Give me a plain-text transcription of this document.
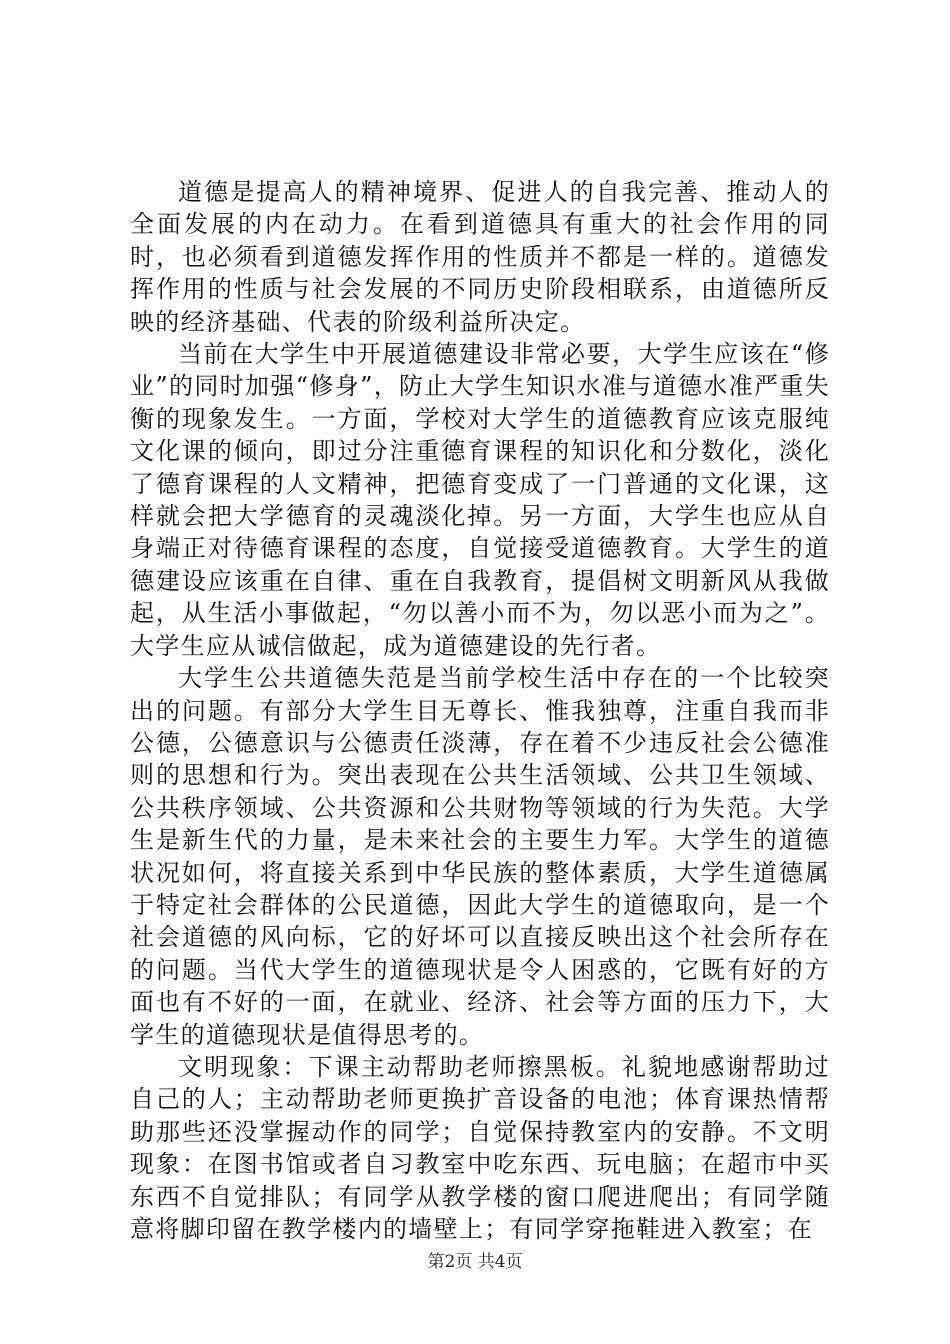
道德是提高人的精神境界、促进人的自我完善、推动人的全面发展的内在动力。在看到道德具有重大的社会作用的同时，也必须看到道德发挥作用的性质并不都是一样的。道德发挥作用的性质与社会发展的不同历史阶段相联系，由道德所反映的经济基础、代表的阶级利益所决定。

当前在大学生中开展道德建设非常必要，大学生应该在“修业”的同时加强“修身”，防止大学生知识水准与道德水准严重失衡的现象发生。一方面，学校对大学生的道德教育应该克服纯文化课的倾向，即过分注重德育课程的知识化和分数化，淡化了德育课程的人文精神，把德育变成了一门普通的文化课，这样就会把大学德育的灵魂淡化掉。另一方面，大学生也应从自身端正对待德育课程的态度，自觉接受道德教育。大学生的道德建设应该重在自律、重在自我教育，提倡树文明新风从我做起，从生活小事做起，“勿以善小而不为，勿以恶小而为之”。大学生应从诚信做起，成为道德建设的先行者。

大学生公共道德失范是当前学校生活中存在的一个比较突出的问题。有部分大学生目无尊长、惟我独尊，注重自我而非公德，公德意识与公德责任淡薄，存在着不少违反社会公德准则的思想和行为。突出表现在公共生活领域、公共卫生领域、公共秩序领域、公共资源和公共财物等领域的行为失范。大学生是新生代的力量，是未来社会的主要生力军。大学生的道德状况如何，将直接关系到中华民族的整体素质，大学生道德属于特定社会群体的公民道德，因此大学生的道德取向，是一个社会道德的风向标，它的好坏可以直接反映出这个社会所存在的问题。当代大学生的道德现状是令人困惑的，它既有好的方面也有不好的一面，在就业、经济、社会等方面的压力下，大学生的道德现状是值得思考的。

文明现象：下课主动帮助老师擦黑板。礼貌地感谢帮助过自己的人；主动帮助老师更换扩音设备的电池；体育课热情帮助那些还没掌握动作的同学；自觉保持教室内的安静。不文明现象：在图书馆或者自习教室中吃东西、玩电脑；在超市中买东西不自觉排队；有同学从教学楼的窗口爬进爬出；有同学随意将脚印留在教学楼内的墙壁上；有同学穿拖鞋进入教室；在

第2页 共4页
